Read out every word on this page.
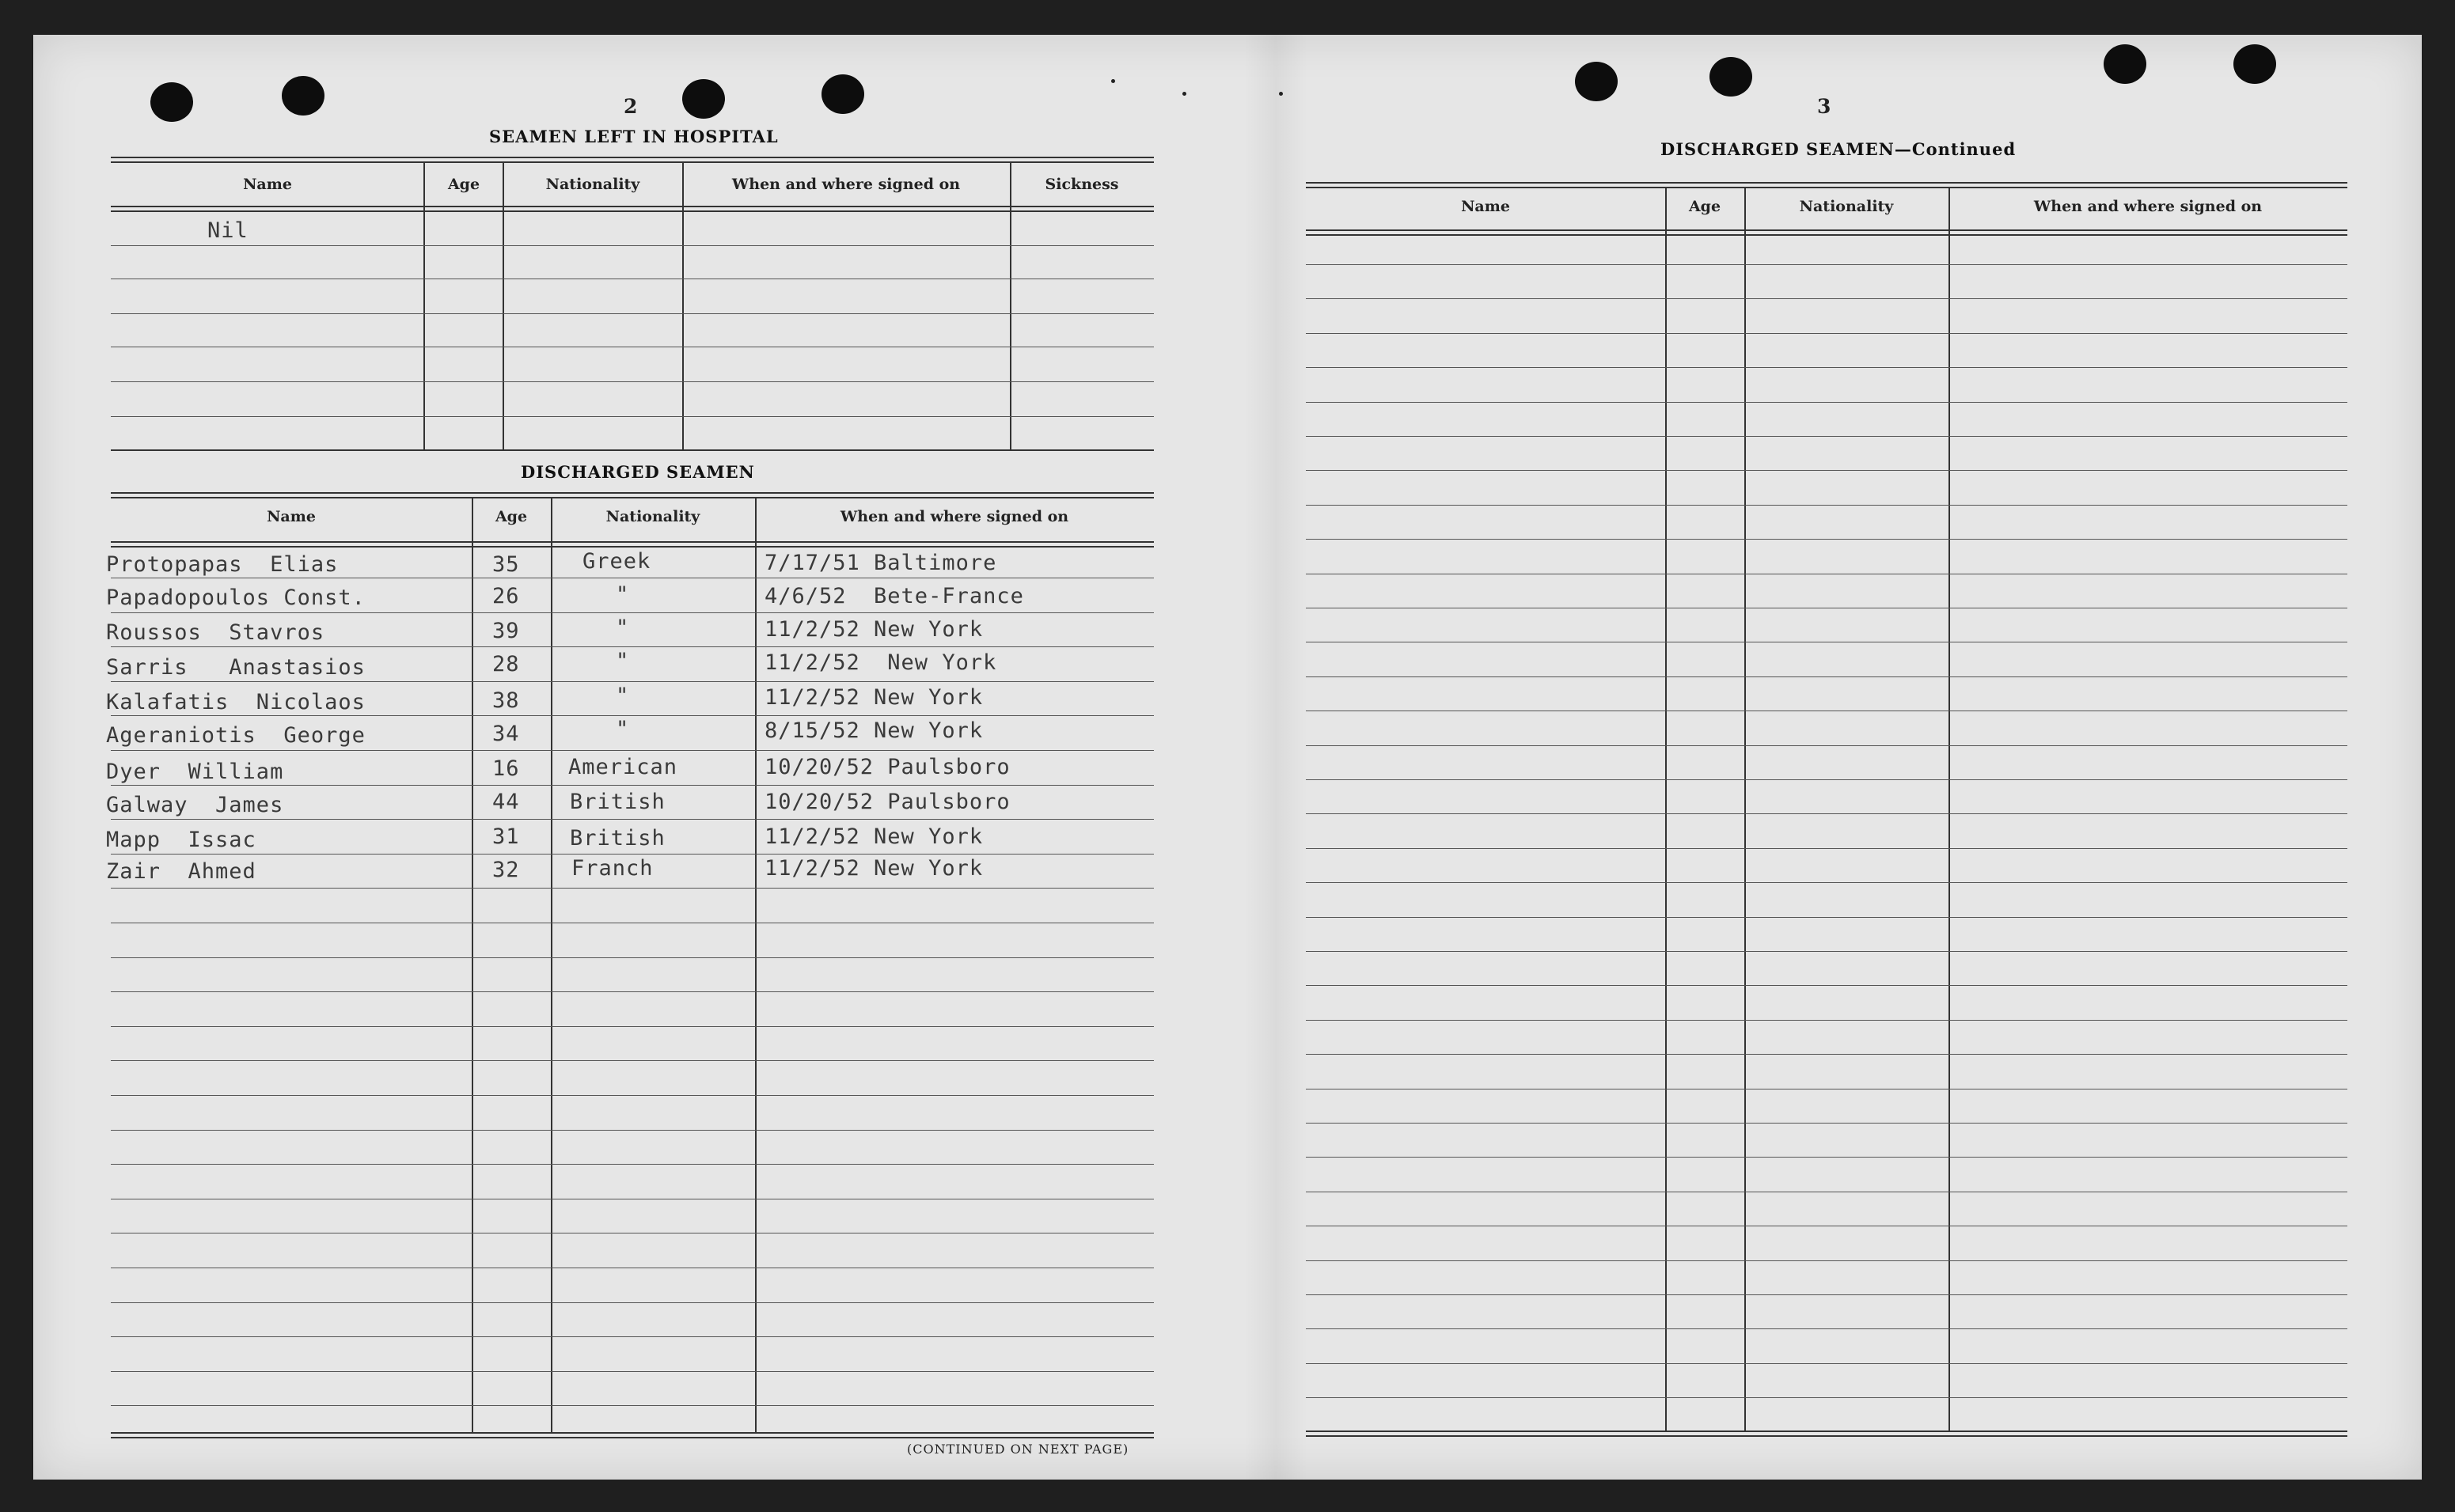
2
SEAMEN LEFT IN HOSPITAL
Name	Age	Nationality	When and where signed on	Sickness
Nil
DISCHARGED SEAMEN
Name	Age	Nationality	When and where signed on
Protopapas  Elias	35	Greek	7/17/51 Baltimore
Papadopoulos Const.	26	"	4/6/52  Bete-France
Roussos  Stavros	39	"	11/2/52 New York
Sarris   Anastasios	28	"	11/2/52  New York
Kalafatis  Nicolaos	38	"	11/2/52 New York
Ageraniotis  George	34	"	8/15/52 New York
Dyer  William	16 American	10/20/52 Paulsboro
Galway  James	44 British	10/20/52 Paulsboro
Mapp  Issac	31 British	11/2/52 New York
Zair  Ahmed	32 Franch	11/2/52 New York
(CONTINUED ON NEXT PAGE)
3
DISCHARGED SEAMEN—Continued
Name	Age	Nationality	When and where signed on
